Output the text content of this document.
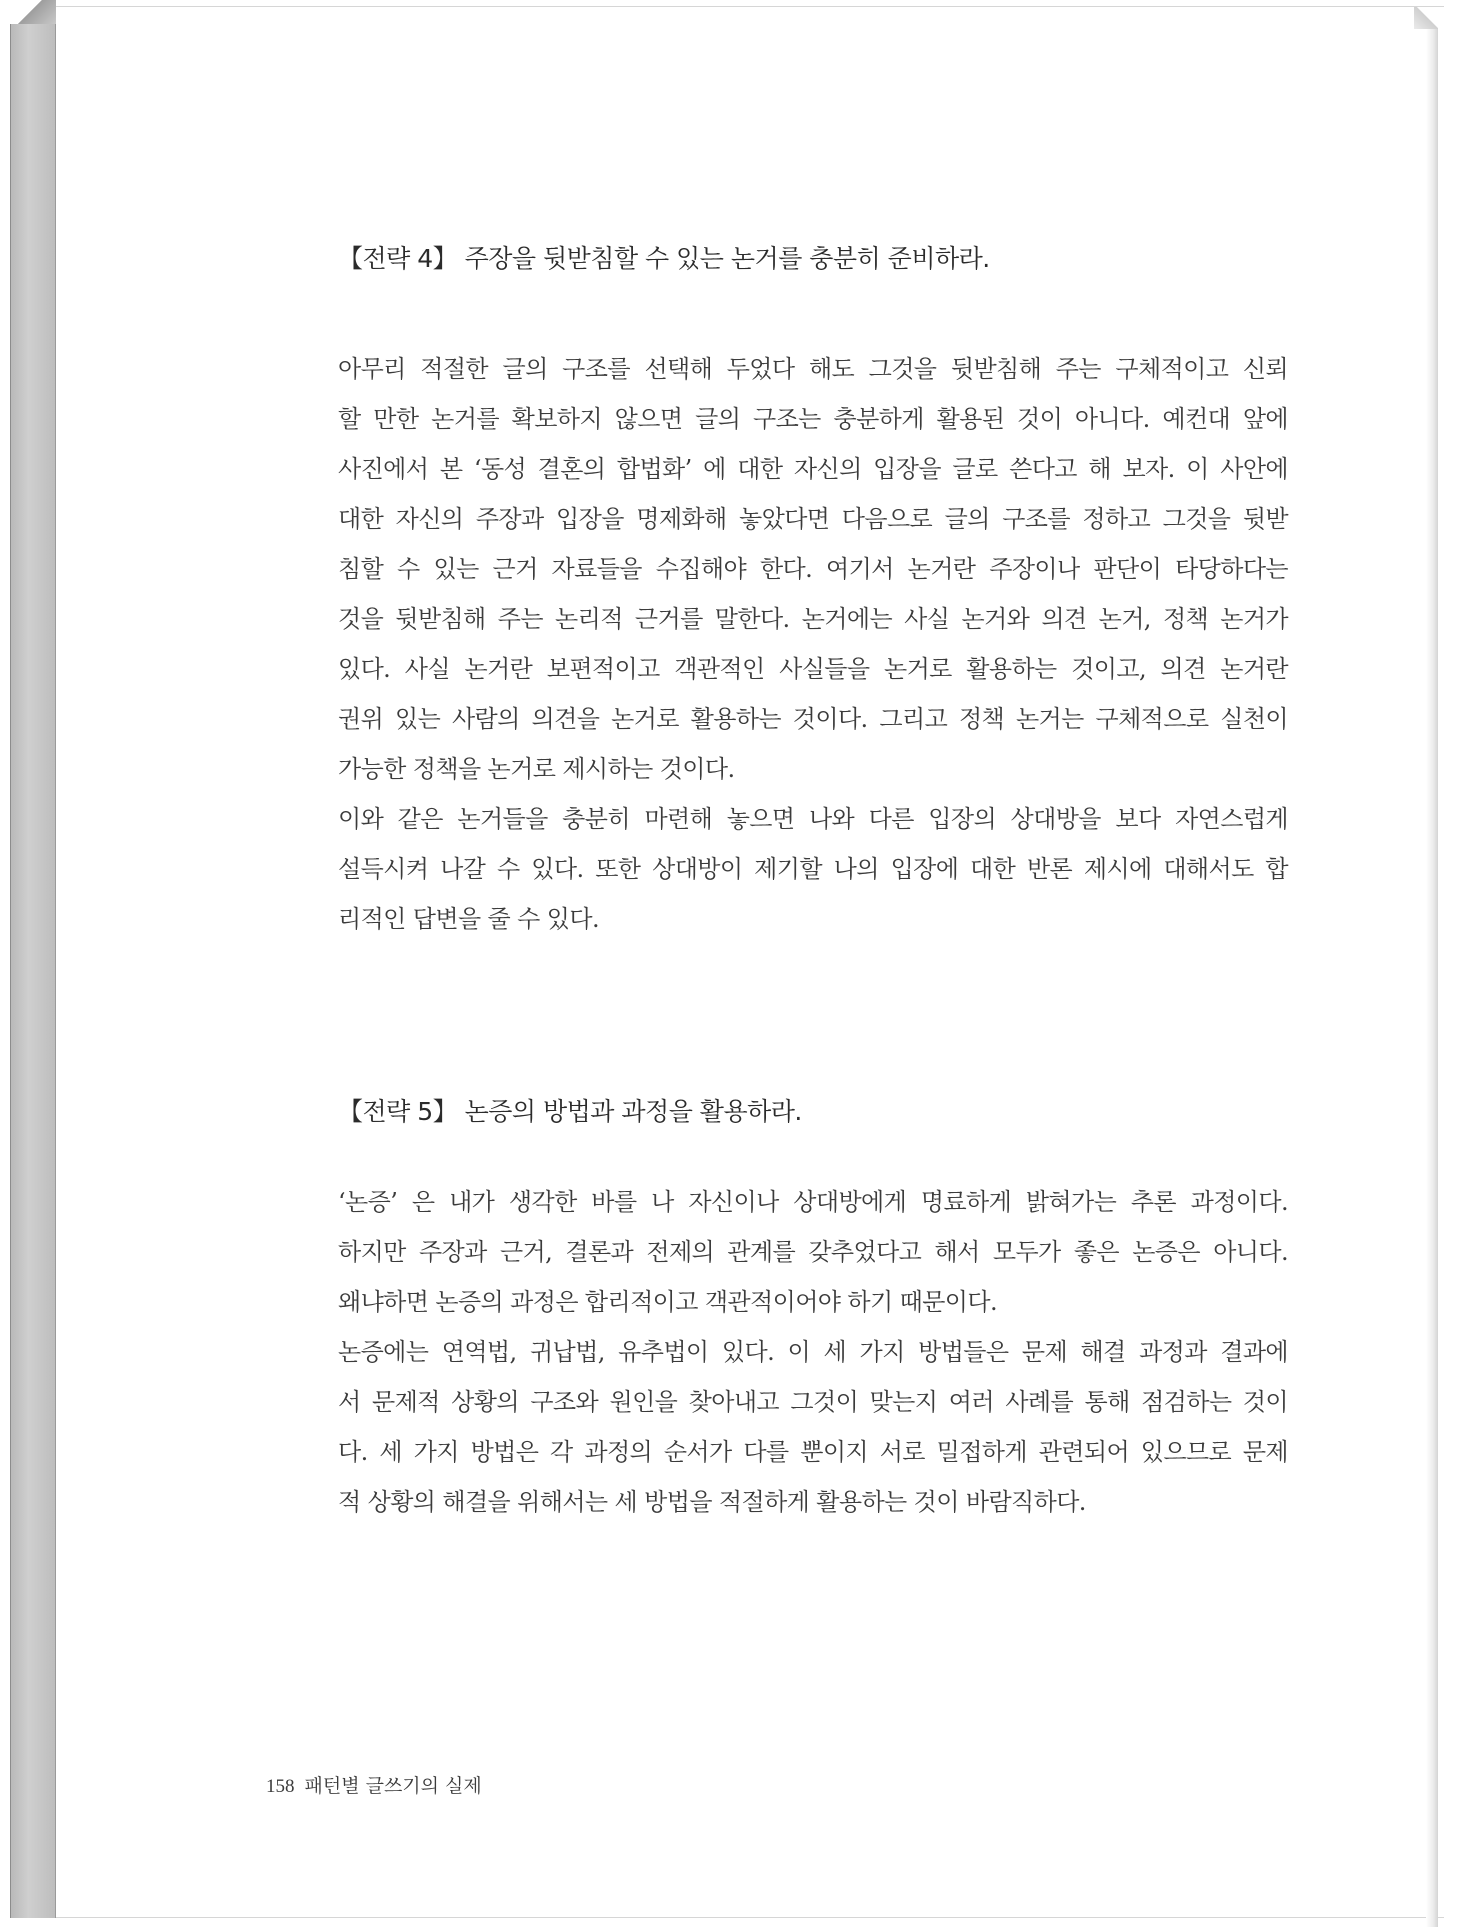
【전략 4】 주장을 뒷받침할 수 있는 논거를 충분히 준비하라.
아무리 적절한 글의 구조를 선택해 두었다 해도 그것을 뒷받침해 주는 구체적이고 신뢰
할 만한 논거를 확보하지 않으면 글의 구조는 충분하게 활용된 것이 아니다. 예컨대 앞에
사진에서 본 ‘동성 결혼의 합법화’ 에 대한 자신의 입장을 글로 쓴다고 해 보자. 이 사안에
대한 자신의 주장과 입장을 명제화해 놓았다면 다음으로 글의 구조를 정하고 그것을 뒷받
침할 수 있는 근거 자료들을 수집해야 한다. 여기서 논거란 주장이나 판단이 타당하다는
것을 뒷받침해 주는 논리적 근거를 말한다. 논거에는 사실 논거와 의견 논거, 정책 논거가
있다. 사실 논거란 보편적이고 객관적인 사실들을 논거로 활용하는 것이고, 의견 논거란
권위 있는 사람의 의견을 논거로 활용하는 것이다. 그리고 정책 논거는 구체적으로 실천이
가능한 정책을 논거로 제시하는 것이다.
이와 같은 논거들을 충분히 마련해 놓으면 나와 다른 입장의 상대방을 보다 자연스럽게
설득시켜 나갈 수 있다. 또한 상대방이 제기할 나의 입장에 대한 반론 제시에 대해서도 합
리적인 답변을 줄 수 있다.
【전략 5】 논증의 방법과 과정을 활용하라.
‘논증’ 은 내가 생각한 바를 나 자신이나 상대방에게 명료하게 밝혀가는 추론 과정이다.
하지만 주장과 근거, 결론과 전제의 관계를 갖추었다고 해서 모두가 좋은 논증은 아니다.
왜냐하면 논증의 과정은 합리적이고 객관적이어야 하기 때문이다.
논증에는 연역법, 귀납법, 유추법이 있다. 이 세 가지 방법들은 문제 해결 과정과 결과에
서 문제적 상황의 구조와 원인을 찾아내고 그것이 맞는지 여러 사례를 통해 점검하는 것이
다. 세 가지 방법은 각 과정의 순서가 다를 뿐이지 서로 밀접하게 관련되어 있으므로 문제
적 상황의 해결을 위해서는 세 방법을 적절하게 활용하는 것이 바람직하다.
158 패턴별 글쓰기의 실제
